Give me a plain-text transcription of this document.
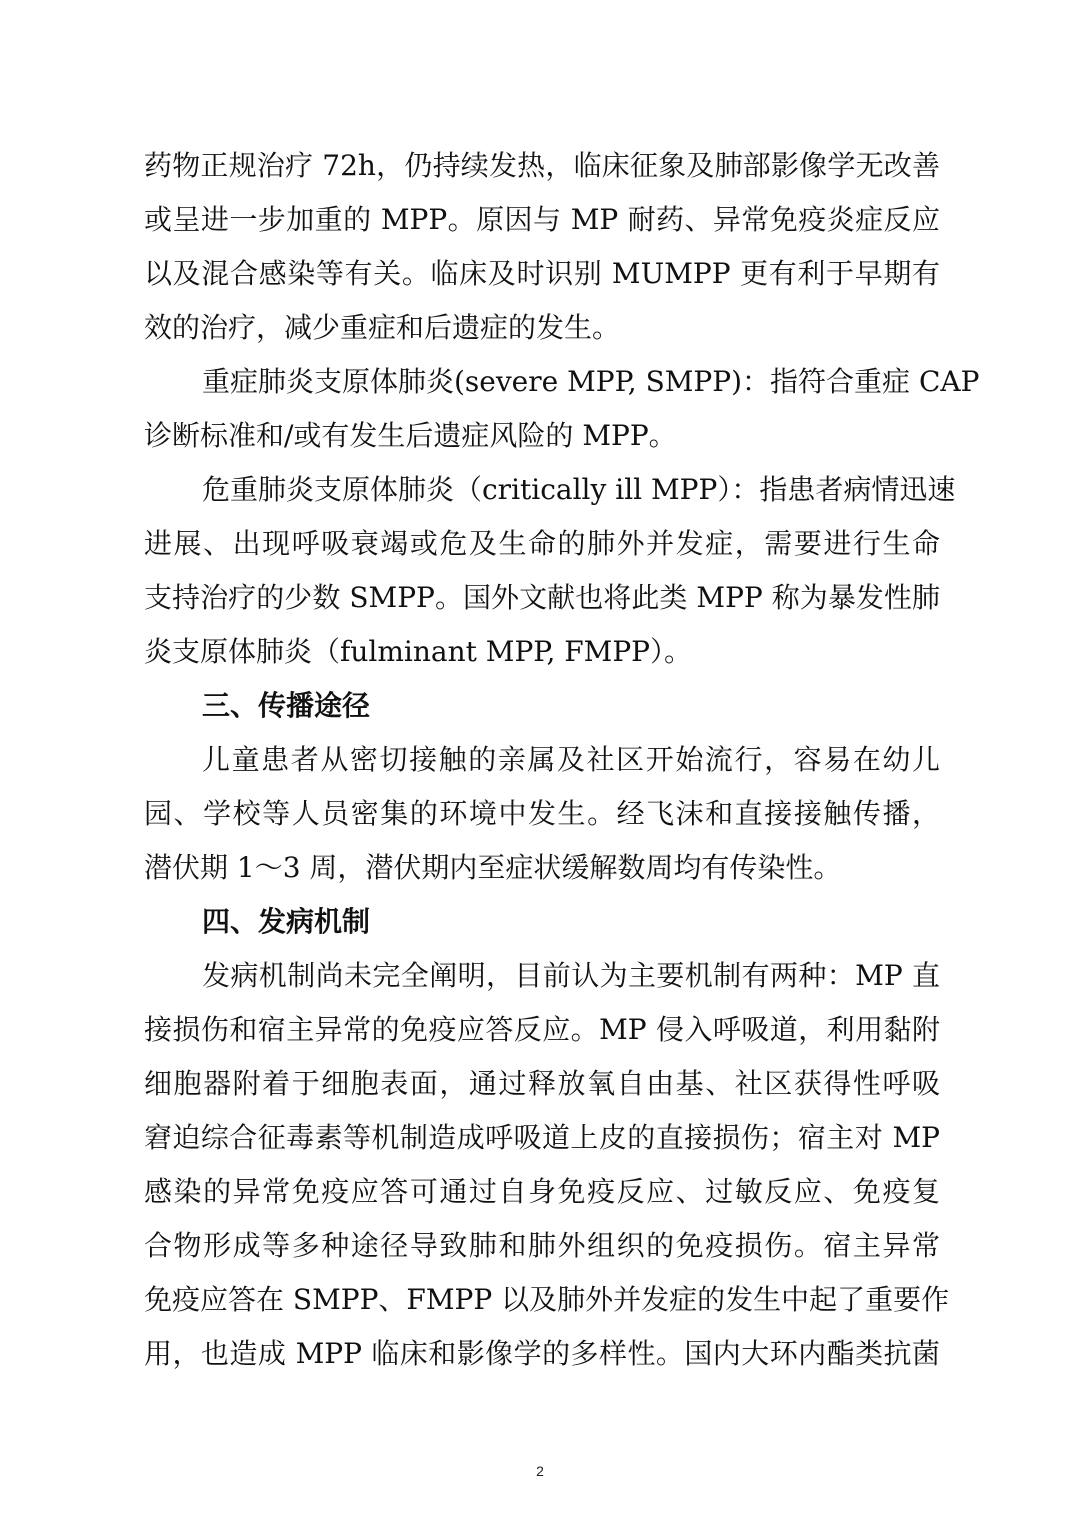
药物正规治疗 72h，仍持续发热，临床征象及肺部影像学无改善
或呈进一步加重的 MPP。原因与 MP 耐药、异常免疫炎症反应
以及混合感染等有关。临床及时识别 MUMPP 更有利于早期有
效的治疗，减少重症和后遗症的发生。
重症肺炎支原体肺炎(severe MPP, SMPP)：指符合重症 CAP
诊断标准和/或有发生后遗症风险的 MPP。
危重肺炎支原体肺炎（critically ill MPP）：指患者病情迅速
进展、出现呼吸衰竭或危及生命的肺外并发症，需要进行生命
支持治疗的少数 SMPP。国外文献也将此类 MPP 称为暴发性肺
炎支原体肺炎（fulminant MPP, FMPP）。
三、传播途径
儿童患者从密切接触的亲属及社区开始流行，容易在幼儿
园、学校等人员密集的环境中发生。经飞沫和直接接触传播，
潜伏期 1～3 周，潜伏期内至症状缓解数周均有传染性。
四、发病机制
发病机制尚未完全阐明，目前认为主要机制有两种：MP 直
接损伤和宿主异常的免疫应答反应。MP 侵入呼吸道，利用黏附
细胞器附着于细胞表面，通过释放氧自由基、社区获得性呼吸
窘迫综合征毒素等机制造成呼吸道上皮的直接损伤；宿主对 MP
感染的异常免疫应答可通过自身免疫反应、过敏反应、免疫复
合物形成等多种途径导致肺和肺外组织的免疫损伤。宿主异常
免疫应答在 SMPP、FMPP 以及肺外并发症的发生中起了重要作
用，也造成 MPP 临床和影像学的多样性。国内大环内酯类抗菌
2
